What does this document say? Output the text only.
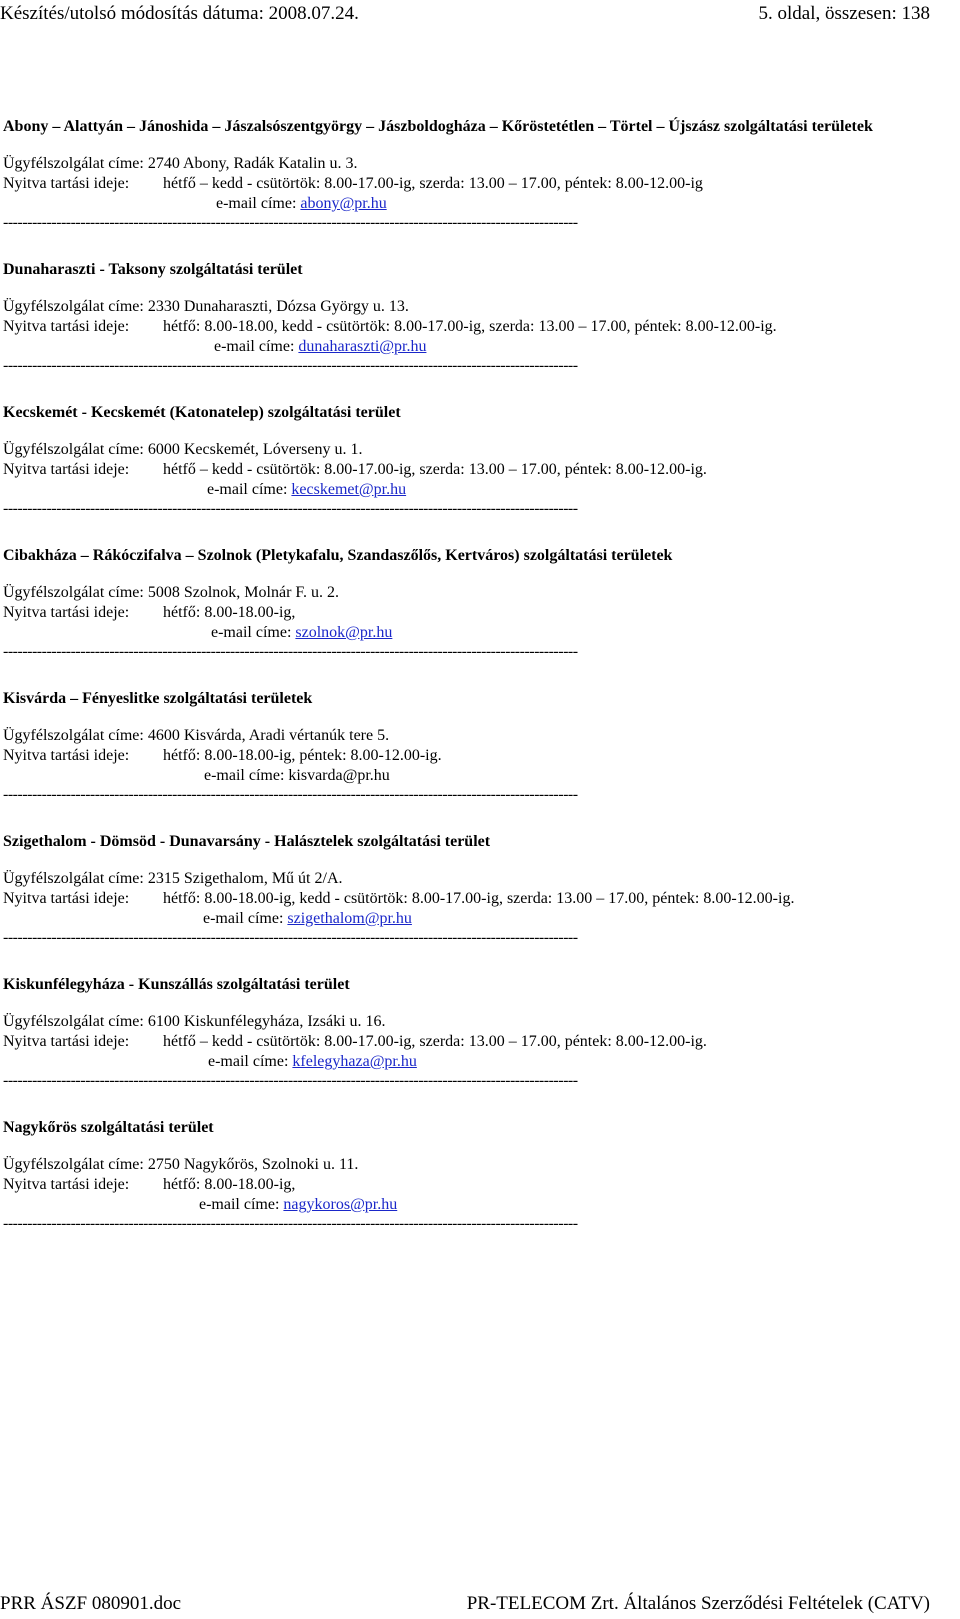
Készítés/utolsó módosítás dátuma: 2008.07.24.	5. oldal, összesen: 138

Abony – Alattyán – Jánoshida – Jászalsószentgyörgy – Jászboldogháza – Kőröstetétlen – Törtel – Újszász szolgáltatási területek

Ügyfélszolgálat címe: 2740 Abony, Radák Katalin u. 3.

Nyitva tartási ideje: hétfő – kedd - csütörtök: 8.00-17.00-ig, szerda: 13.00 – 17.00, péntek: 8.00-12.00-ig

e-mail címe: abony@pr.hu
-----------------------------------------------------------------------------------------------------------------------

Dunaharaszti - Taksony szolgáltatási terület

Ügyfélszolgálat címe: 2330 Dunaharaszti, Dózsa György u. 13.

Nyitva tartási ideje: hétfő: 8.00-18.00, kedd - csütörtök: 8.00-17.00-ig, szerda: 13.00 – 17.00, péntek: 8.00-12.00-ig.

e-mail címe: dunaharaszti@pr.hu
-----------------------------------------------------------------------------------------------------------------------

Kecskemét - Kecskemét (Katonatelep) szolgáltatási terület

Ügyfélszolgálat címe: 6000 Kecskemét, Lóverseny u. 1.

Nyitva tartási ideje: hétfő – kedd - csütörtök: 8.00-17.00-ig, szerda: 13.00 – 17.00, péntek: 8.00-12.00-ig.

e-mail címe: kecskemet@pr.hu
-----------------------------------------------------------------------------------------------------------------------

Cibakháza – Rákóczifalva – Szolnok (Pletykafalu, Szandaszőlős, Kertváros) szolgáltatási területek

Ügyfélszolgálat címe: 5008 Szolnok, Molnár F. u. 2.

Nyitva tartási ideje: hétfő: 8.00-18.00-ig,

e-mail címe: szolnok@pr.hu
-----------------------------------------------------------------------------------------------------------------------

Kisvárda – Fényeslitke szolgáltatási területek

Ügyfélszolgálat címe: 4600 Kisvárda, Aradi vértanúk tere 5.

Nyitva tartási ideje: hétfő: 8.00-18.00-ig, péntek: 8.00-12.00-ig.

e-mail címe: kisvarda@pr.hu
-----------------------------------------------------------------------------------------------------------------------

Szigethalom - Dömsöd - Dunavarsány - Halásztelek szolgáltatási terület

Ügyfélszolgálat címe: 2315 Szigethalom, Mű út 2/A.

Nyitva tartási ideje: hétfő: 8.00-18.00-ig, kedd - csütörtök: 8.00-17.00-ig, szerda: 13.00 – 17.00, péntek: 8.00-12.00-ig.

e-mail címe: szigethalom@pr.hu
-----------------------------------------------------------------------------------------------------------------------

Kiskunfélegyháza - Kunszállás szolgáltatási terület

Ügyfélszolgálat címe: 6100 Kiskunfélegyháza, Izsáki u. 16.

Nyitva tartási ideje: hétfő – kedd - csütörtök: 8.00-17.00-ig, szerda: 13.00 – 17.00, péntek: 8.00-12.00-ig.

e-mail címe: kfelegyhaza@pr.hu
-----------------------------------------------------------------------------------------------------------------------

Nagykőrös szolgáltatási terület

Ügyfélszolgálat címe: 2750 Nagykőrös, Szolnoki u. 11.

Nyitva tartási ideje: hétfő: 8.00-18.00-ig,

e-mail címe: nagykoros@pr.hu
-----------------------------------------------------------------------------------------------------------------------
PRR ÁSZF 080901.doc	PR-TELECOM Zrt. Általános Szerződési Feltételek (CATV)
